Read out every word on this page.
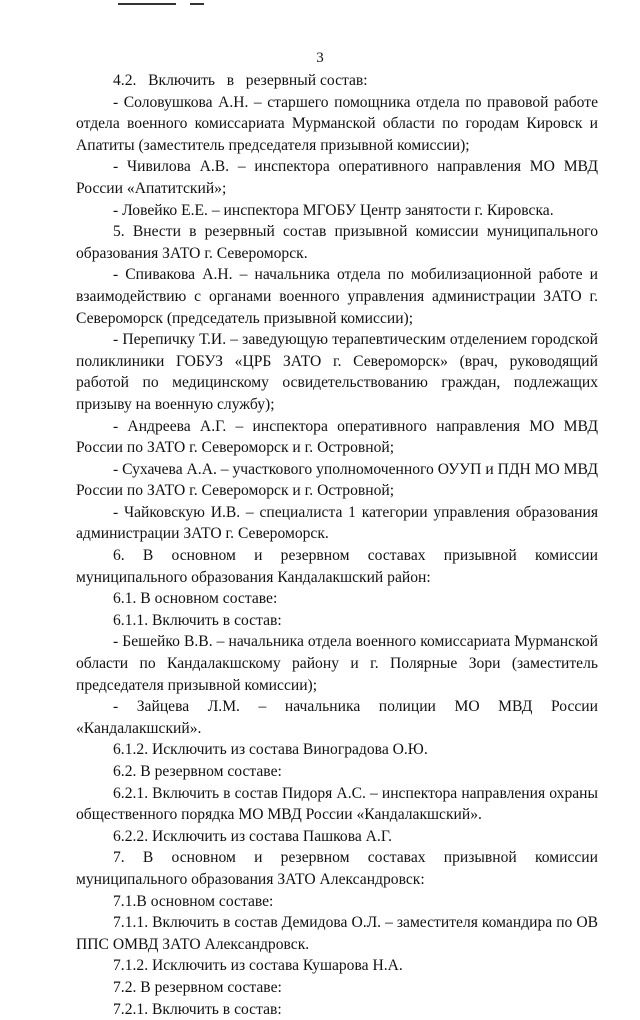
3

4.2.   Включить   в   резервный состав:

- Соловушкова А.Н. – старшего помощника отдела по правовой работе отдела военного комиссариата Мурманской области по городам Кировск и Апатиты (заместитель председателя призывной комиссии);

- Чивилова А.В. – инспектора оперативного направления МО МВД России «Апатитский»;

- Ловейко Е.Е. – инспектора МГОБУ Центр занятости г. Кировска.

5. Внести в резервный состав призывной комиссии муниципального образования ЗАТО г. Североморск.

- Спивакова А.Н. – начальника отдела по мобилизационной работе и взаимодействию с органами военного управления администрации ЗАТО г. Североморск (председатель призывной комиссии);

- Перепичку Т.И. – заведующую терапевтическим отделением городской поликлиники ГОБУЗ «ЦРБ ЗАТО г. Североморск» (врач, руководящий работой по медицинскому освидетельствованию граждан, подлежащих призыву на военную службу);

- Андреева А.Г. – инспектора оперативного направления МО МВД России по ЗАТО г. Североморск и г. Островной;

- Сухачева А.А. – участкового уполномоченного ОУУП и ПДН МО МВД России по ЗАТО г. Североморск и г. Островной;

- Чайковскую И.В. – специалиста 1 категории управления образования администрации ЗАТО г. Североморск.

6. В основном и резервном составах призывной комиссии муниципального образования Кандалакшский район:

6.1. В основном составе:

6.1.1. Включить в состав:

- Бешейко В.В. – начальника отдела военного комиссариата Мурманской области по Кандалакшскому району и г. Полярные Зори (заместитель председателя призывной комиссии);

- Зайцева Л.М. – начальника полиции МО МВД России «Кандалакшский».

6.1.2. Исключить из состава Виноградова О.Ю.

6.2. В резервном составе:

6.2.1. Включить в состав Пидоря А.С. – инспектора направления охраны общественного порядка МО МВД России «Кандалакшский».

6.2.2. Исключить из состава Пашкова А.Г.

7. В основном и резервном составах призывной комиссии муниципального образования ЗАТО Александровск:

7.1.В основном составе:

7.1.1. Включить в состав Демидова О.Л. – заместителя командира по ОВ ППС ОМВД ЗАТО Александровск.

7.1.2. Исключить из состава Кушарова Н.А.

7.2. В резервном составе:

7.2.1. Включить в состав:
